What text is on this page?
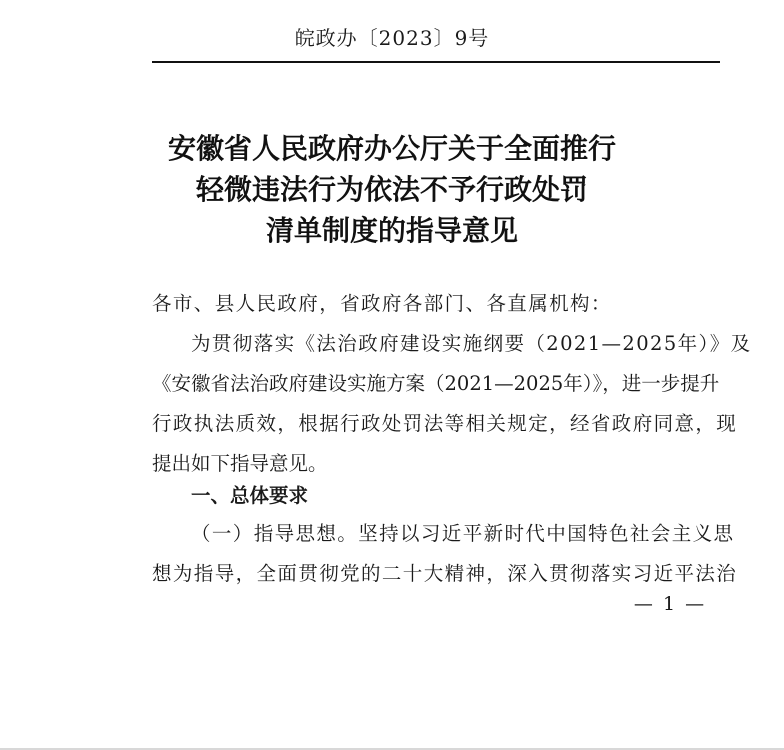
皖政办〔2023〕9号
安徽省人民政府办公厅关于全面推行
轻微违法行为依法不予行政处罚
清单制度的指导意见
各市、县人民政府，省政府各部门、各直属机构：
为贯彻落实《法治政府建设实施纲要（2021—2025年）》及
《安徽省法治政府建设实施方案（2021—2025年）》，进一步提升
行政执法质效，根据行政处罚法等相关规定，经省政府同意，现
提出如下指导意见。
一、总体要求
（一）指导思想。坚持以习近平新时代中国特色社会主义思
想为指导，全面贯彻党的二十大精神，深入贯彻落实习近平法治
— 1 —
